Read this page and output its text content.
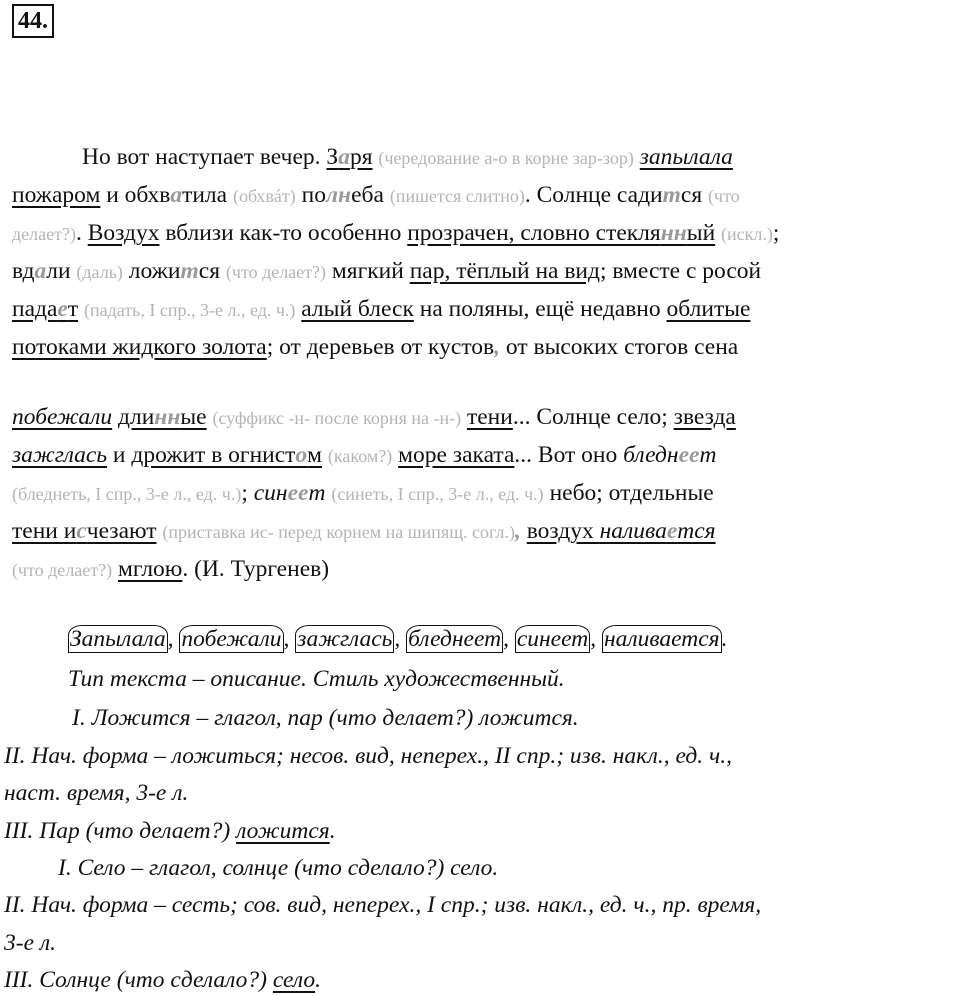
44.
Но вот наступает вечер. Заря (чередование а-о в корне зар-зор) запылала
пожаром и обхватила (обхвáт) полнеба (пишется слитно). Солнце садится (что
делает?). Воздух вблизи как-то особенно прозрачен, словно стеклянный (искл.);
вдали (даль) ложится (что делает?) мягкий пар, тёплый на вид; вместе с росой
падает (падать, I спр., 3-е л., ед. ч.) алый блеск на поляны, ещё недавно облитые
потоками жидкого золота; от деревьев от кустов, от высоких стогов сена
побежали длинные (суффикс -н- после корня на -н-) тени... Солнце село; звезда
зажглась и дрожит в огнистом (каком?) море заката... Вот оно бледнеет
(бледнеть, I спр., 3-е л., ед. ч.); синеет (синеть, I спр., 3-е л., ед. ч.) небо; отдельные
тени исчезают (приставка ис- перед корнем на шипящ. согл.), воздух наливается
(что делает?) мглою. (И. Тургенев)
Запылала, побежали, зажглась, бледнеет, синеет, наливается.
Тип текста – описание. Стиль художественный.
I. Ложится – глагол, пар (что делает?) ложится.
II. Нач. форма – ложиться; несов. вид, неперех., II спр.; изв. накл., ед. ч.,
наст. время, 3-е л.
III. Пар (что делает?) ложится.
I. Село – глагол, солнце (что сделало?) село.
II. Нач. форма – сесть; сов. вид, неперех., I спр.; изв. накл., ед. ч., пр. время,
3-е л.
III. Солнце (что сделало?) село.
